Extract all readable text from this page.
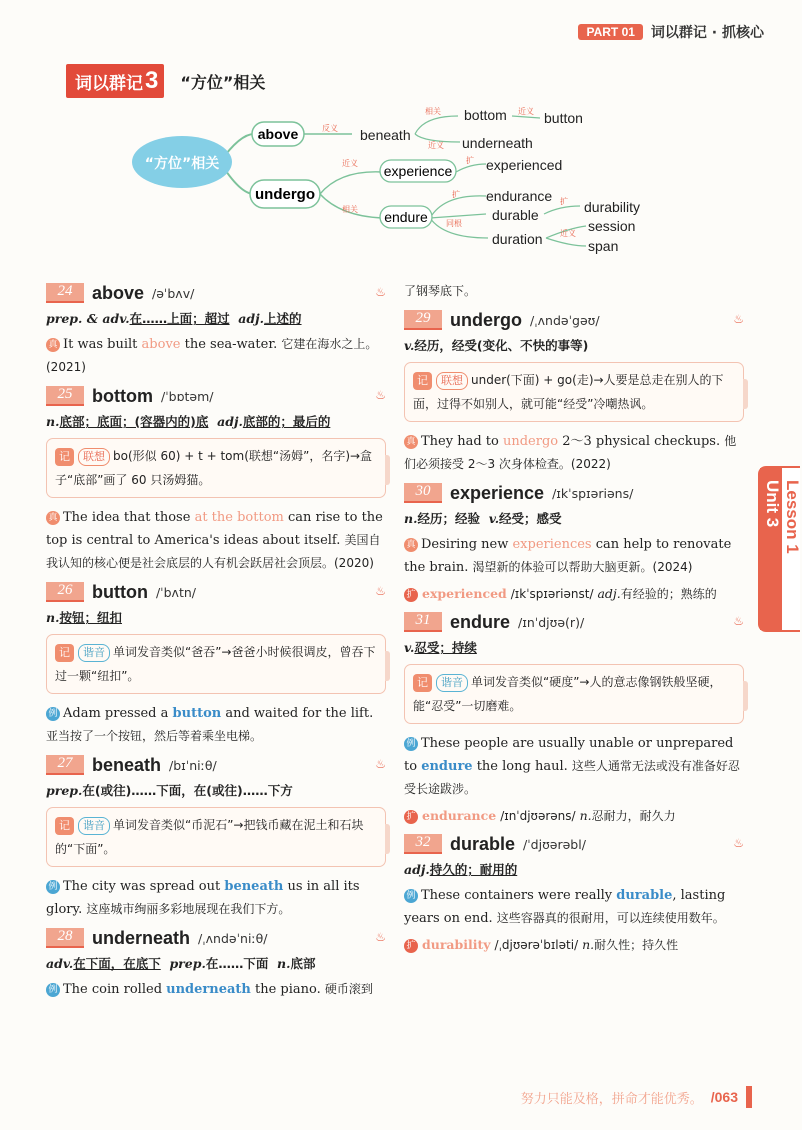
PART 01	词以群记 · 抓核心
词以群记 3 “方位”相关
“方位”相关
above
undergo
反义
相关
近义
近义
近义
相关
扩
扩
同根
扩
近义
beneath
bottom	button
underneath
experienced
endurance
durable	durability
duration
session
span
experience
endure
24	above /əˈbʌv/	♨
prep. & adv.在……上面；超过 adj.上述的
真 It was built above the sea-water. 它建在海水之上。(2021)
25	bottom /ˈbɒtəm/	♨
n.底部；底面；(容器内的)底 adj.底部的；最后的
记 联想 bo(形似 60) + t + tom(联想“汤姆”，名字)→盒子“底部”画了 60 只汤姆猫。
真 The idea that those at the bottom can rise to the top is central to America's ideas about itself. 美国自我认知的核心便是社会底层的人有机会跃居社会顶层。(2020)
26	button /ˈbʌtn/	♨
n.按钮；纽扣
记 谐音 单词发音类似“爸吞”→爸爸小时候很调皮，曾吞下过一颗“纽扣”。
例 Adam pressed a button and waited for the lift. 亚当按了一个按钮，然后等着乘坐电梯。
27	beneath /bɪˈniːθ/	♨
prep.在(或往)……下面，在(或往)……下方
记 谐音 单词发音类似“币泥石”→把钱币藏在泥土和石块的“下面”。
例 The city was spread out beneath us in all its glory. 这座城市绚丽多彩地展现在我们下方。
28	underneath /ˌʌndəˈniːθ/	♨
adv.在下面，在底下 prep.在……下面 n.底部
例 The coin rolled underneath the piano. 硬币滚到
了钢琴底下。
29	undergo /ˌʌndəˈgəʊ/	♨
v.经历，经受(变化、不快的事等)
记 联想 under(下面) + go(走)→人要是总走在别人的下面，过得不如别人，就可能“经受”冷嘲热讽。
真 They had to undergo 2～3 physical checkups. 他们必须接受 2～3 次身体检查。(2022)
30	experience /ɪkˈspɪəriəns/
n.经历；经验 v.经受；感受
真 Desiring new experiences can help to renovate the brain. 渴望新的体验可以帮助大脑更新。(2024)
扩 experienced /ɪkˈspɪəriənst/ adj.有经验的；熟练的
31	endure /ɪnˈdjʊə(r)/	♨
v.忍受；持续
记 谐音 单词发音类似“硬度”→人的意志像钢铁般坚硬，能“忍受”一切磨难。
例 These people are usually unable or unprepared to endure the long haul. 这些人通常无法或没有准备好忍受长途跋涉。
扩 endurance /ɪnˈdjʊərəns/ n.忍耐力，耐久力
32	durable /ˈdjʊərəbl/	♨
adj.持久的；耐用的
例 These containers were really durable, lasting years on end. 这些容器真的很耐用，可以连续使用数年。
扩 durability /ˌdjʊərəˈbɪləti/ n.耐久性；持久性
Unit 3 Lesson 1
努力只能及格，拼命才能优秀。 /063
